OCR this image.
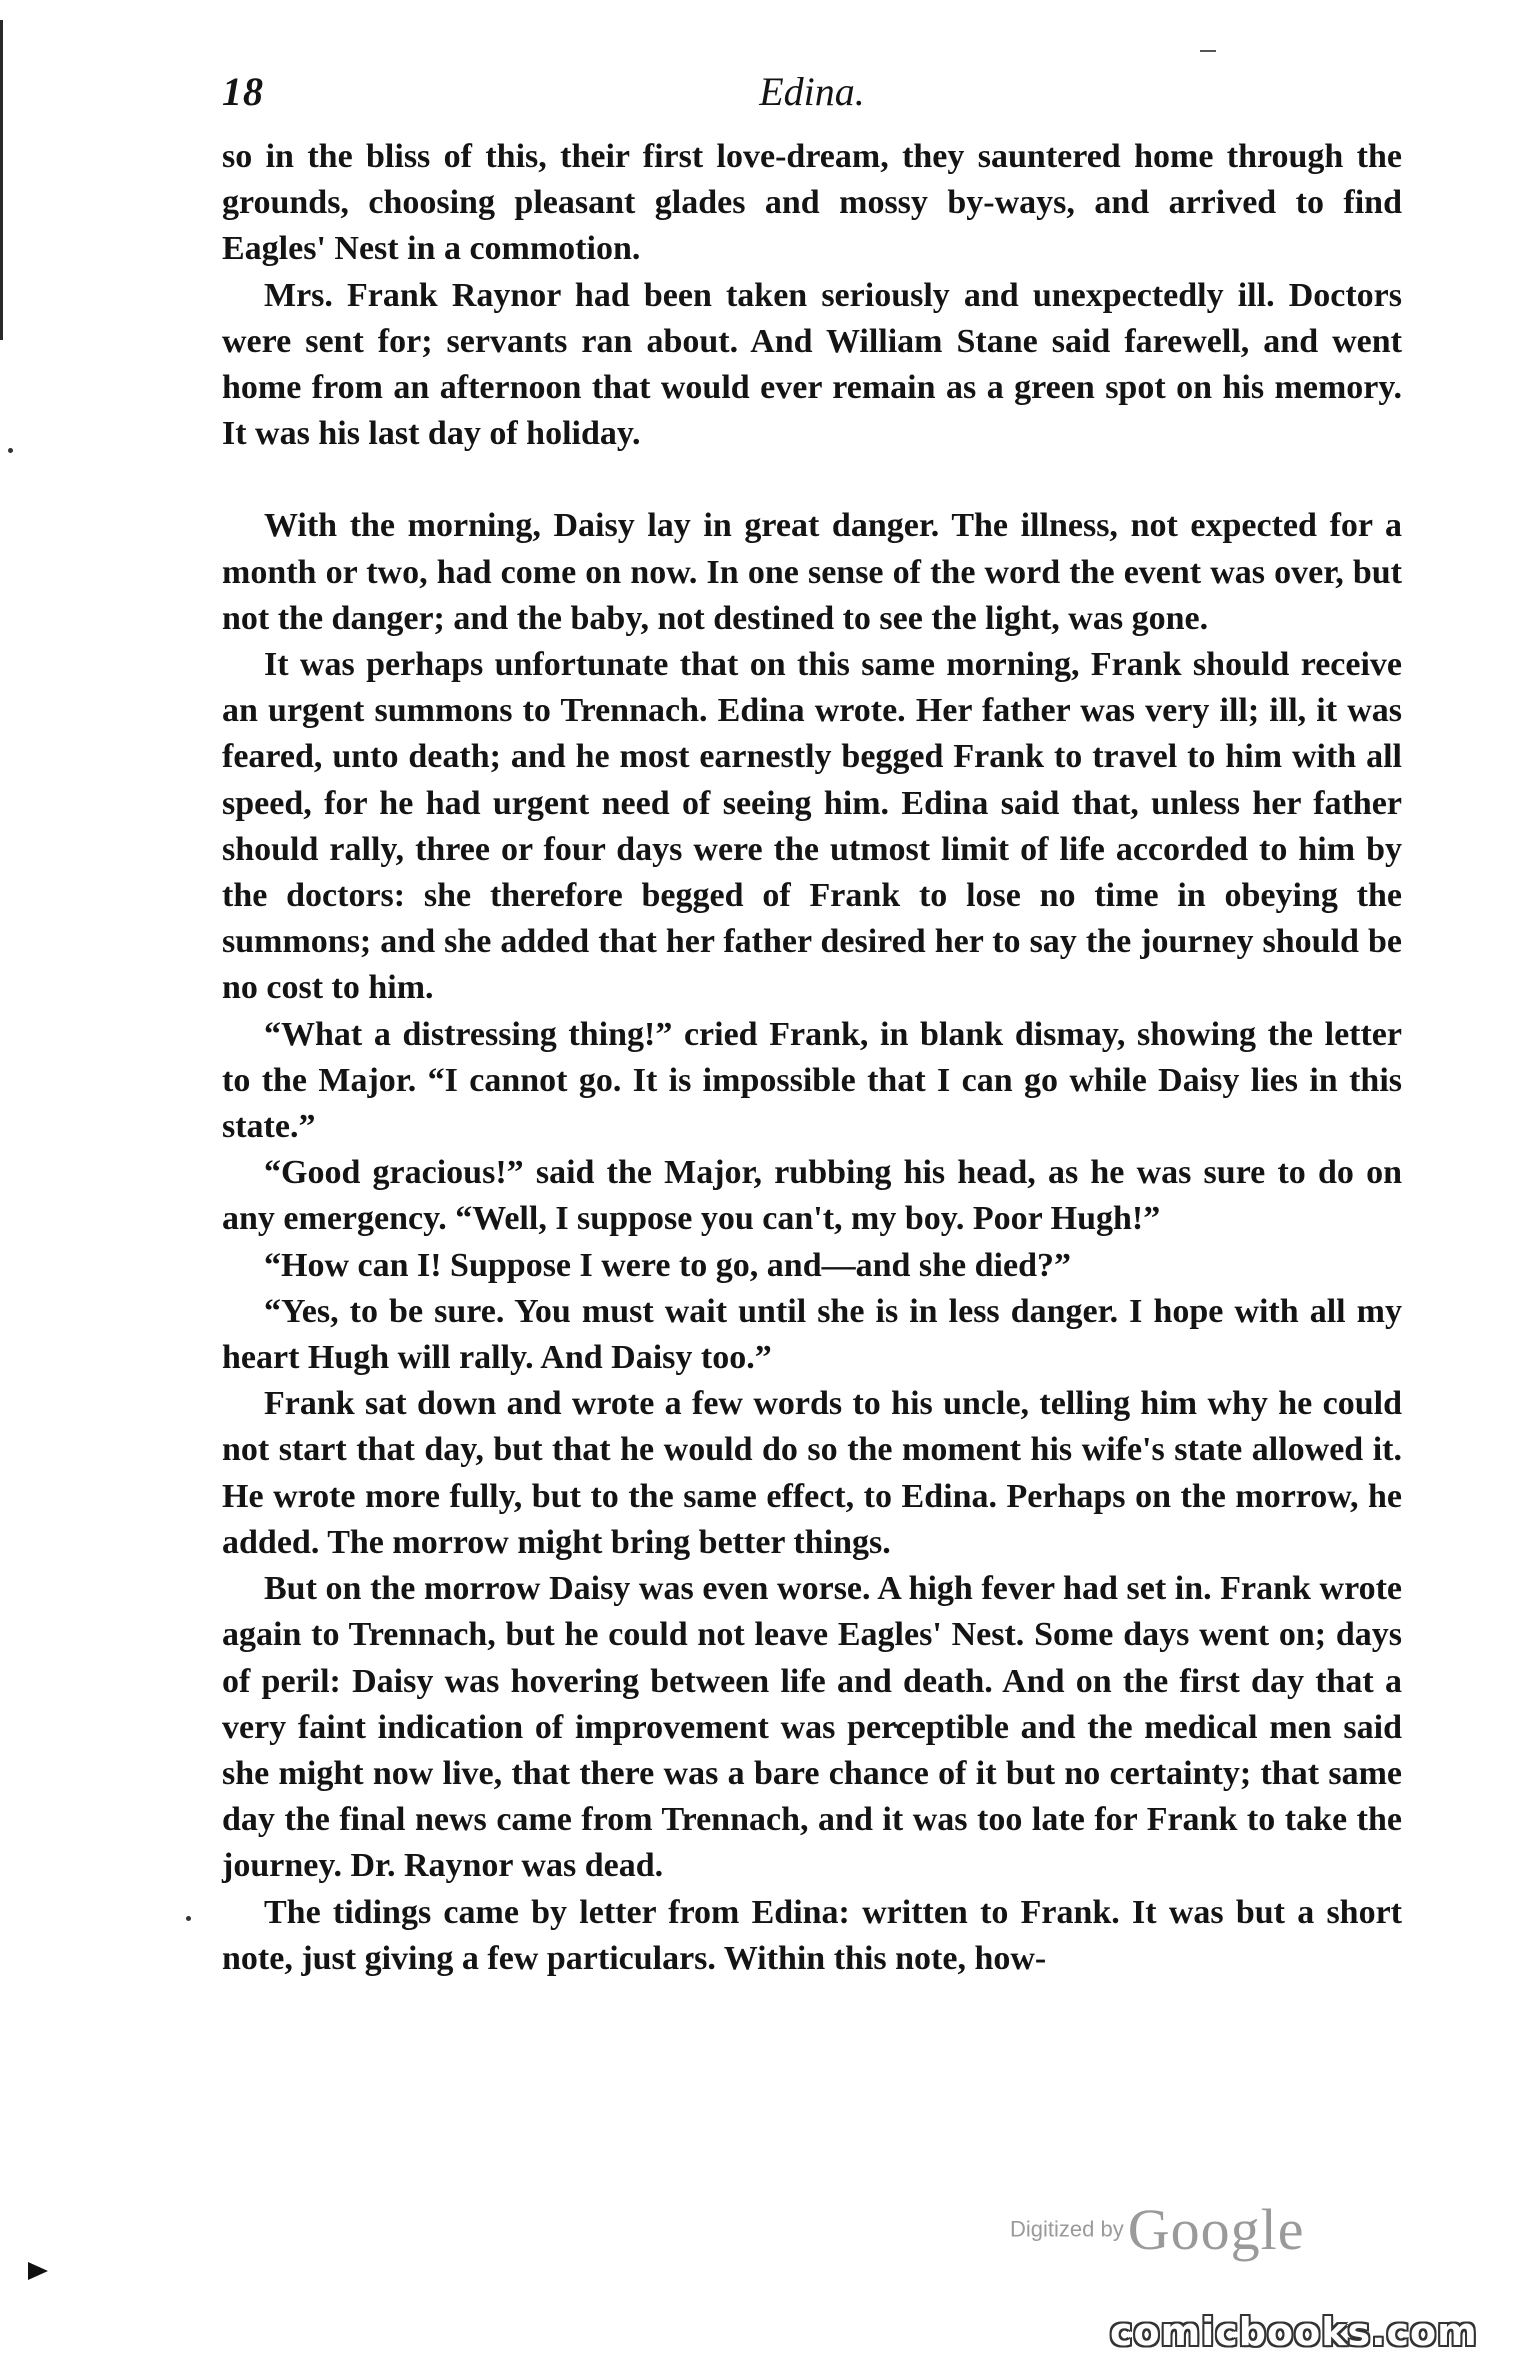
18	Edina.

so in the bliss of this, their first love-dream, they sauntered home through the grounds, choosing pleasant glades and mossy by-ways, and arrived to find Eagles' Nest in a commotion.

Mrs. Frank Raynor had been taken seriously and unexpectedly ill. Doctors were sent for; servants ran about. And William Stane said farewell, and went home from an afternoon that would ever remain as a green spot on his memory. It was his last day of holiday.

With the morning, Daisy lay in great danger. The illness, not expected for a month or two, had come on now. In one sense of the word the event was over, but not the danger; and the baby, not destined to see the light, was gone.

It was perhaps unfortunate that on this same morning, Frank should receive an urgent summons to Trennach. Edina wrote. Her father was very ill; ill, it was feared, unto death; and he most earnestly begged Frank to travel to him with all speed, for he had urgent need of seeing him. Edina said that, unless her father should rally, three or four days were the utmost limit of life accorded to him by the doctors: she therefore begged of Frank to lose no time in obeying the summons; and she added that her father desired her to say the journey should be no cost to him.

“What a distressing thing!” cried Frank, in blank dismay, showing the letter to the Major. “I cannot go. It is impossible that I can go while Daisy lies in this state.”

“Good gracious!” said the Major, rubbing his head, as he was sure to do on any emergency. “Well, I suppose you can't, my boy. Poor Hugh!”

“How can I! Suppose I were to go, and—and she died?”

“Yes, to be sure. You must wait until she is in less danger. I hope with all my heart Hugh will rally. And Daisy too.”

Frank sat down and wrote a few words to his uncle, telling him why he could not start that day, but that he would do so the moment his wife's state allowed it. He wrote more fully, but to the same effect, to Edina. Perhaps on the morrow, he added. The morrow might bring better things.

But on the morrow Daisy was even worse. A high fever had set in. Frank wrote again to Trennach, but he could not leave Eagles' Nest. Some days went on; days of peril: Daisy was hovering between life and death. And on the first day that a very faint indication of improvement was perceptible and the medical men said she might now live, that there was a bare chance of it but no certainty; that same day the final news came from Trennach, and it was too late for Frank to take the journey. Dr. Raynor was dead.

The tidings came by letter from Edina: written to Frank. It was but a short note, just giving a few particulars. Within this note, how-

Digitized by Google
comicbooks.com
